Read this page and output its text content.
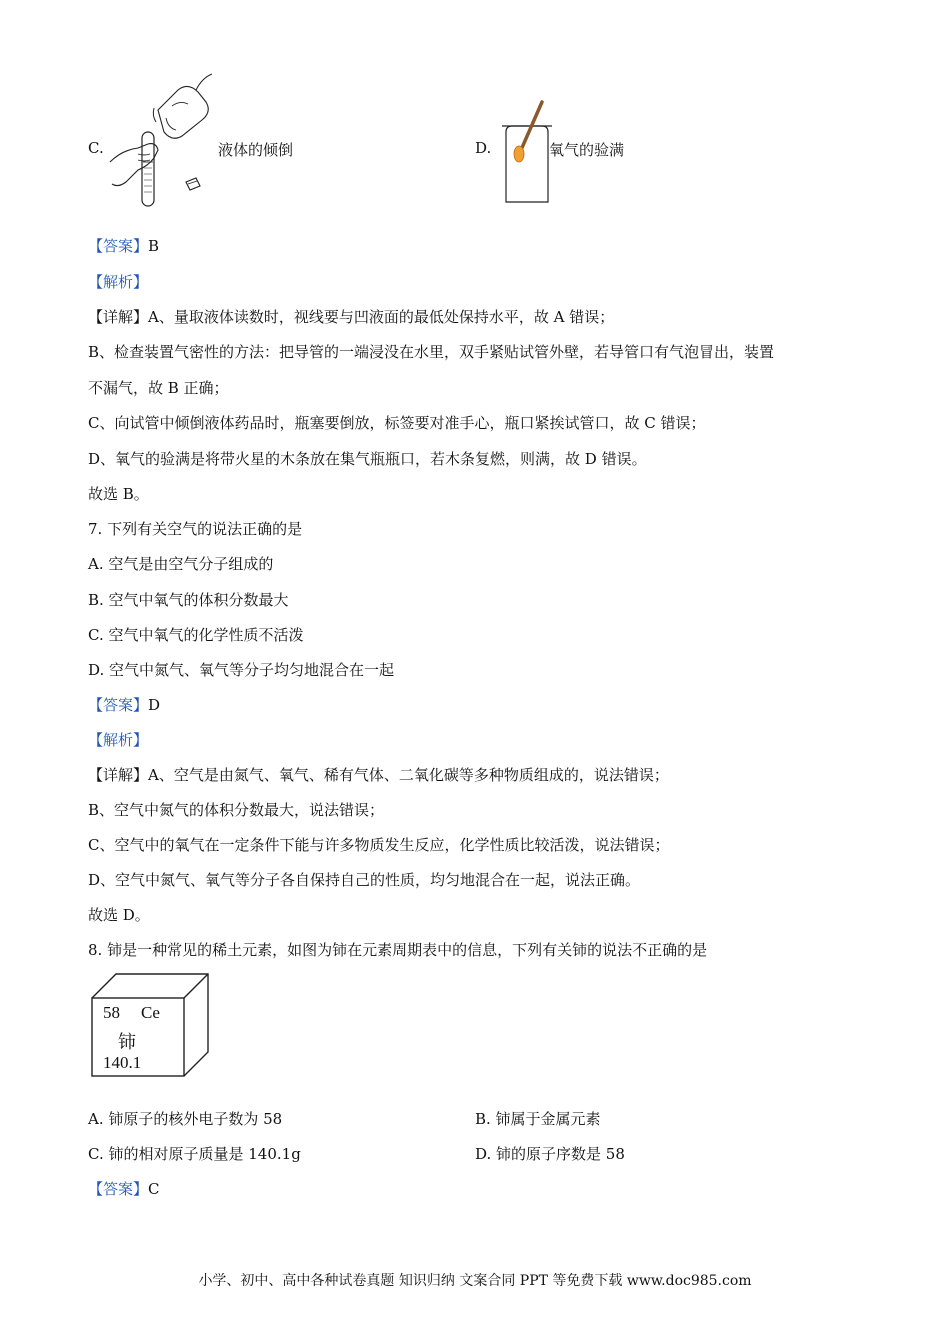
C.	液体的倾倒	D.	氧气的验满
【答案】B
【解析】
【详解】A、量取液体读数时，视线要与凹液面的最低处保持水平，故 A 错误；
B、检查装置气密性的方法：把导管的一端浸没在水里，双手紧贴试管外壁，若导管口有气泡冒出，装置
不漏气，故 B 正确；
C、向试管中倾倒液体药品时，瓶塞要倒放，标签要对准手心，瓶口紧挨试管口，故 C 错误；
D、氧气的验满是将带火星的木条放在集气瓶瓶口，若木条复燃，则满，故 D 错误。
故选 B。
7. 下列有关空气的说法正确的是
A. 空气是由空气分子组成的
B. 空气中氧气的体积分数最大
C. 空气中氧气的化学性质不活泼
D. 空气中氮气、氧气等分子均匀地混合在一起
【答案】D
【解析】
【详解】A、空气是由氮气、氧气、稀有气体、二氧化碳等多种物质组成的，说法错误；
B、空气中氮气的体积分数最大，说法错误；
C、空气中的氧气在一定条件下能与许多物质发生反应，化学性质比较活泼，说法错误；
D、空气中氮气、氧气等分子各自保持自己的性质，均匀地混合在一起，说法正确。
故选 D。
8. 铈是一种常见的稀土元素，如图为铈在元素周期表中的信息，下列有关铈的说法不正确的是
58 Ce
铈
140.1
A. 铈原子的核外电子数为 58	B. 铈属于金属元素
C. 铈的相对原子质量是 140.1g	D. 铈的原子序数是 58
【答案】C
小学、初中、高中各种试卷真题 知识归纳 文案合同 PPT 等免费下载 www.doc985.com
